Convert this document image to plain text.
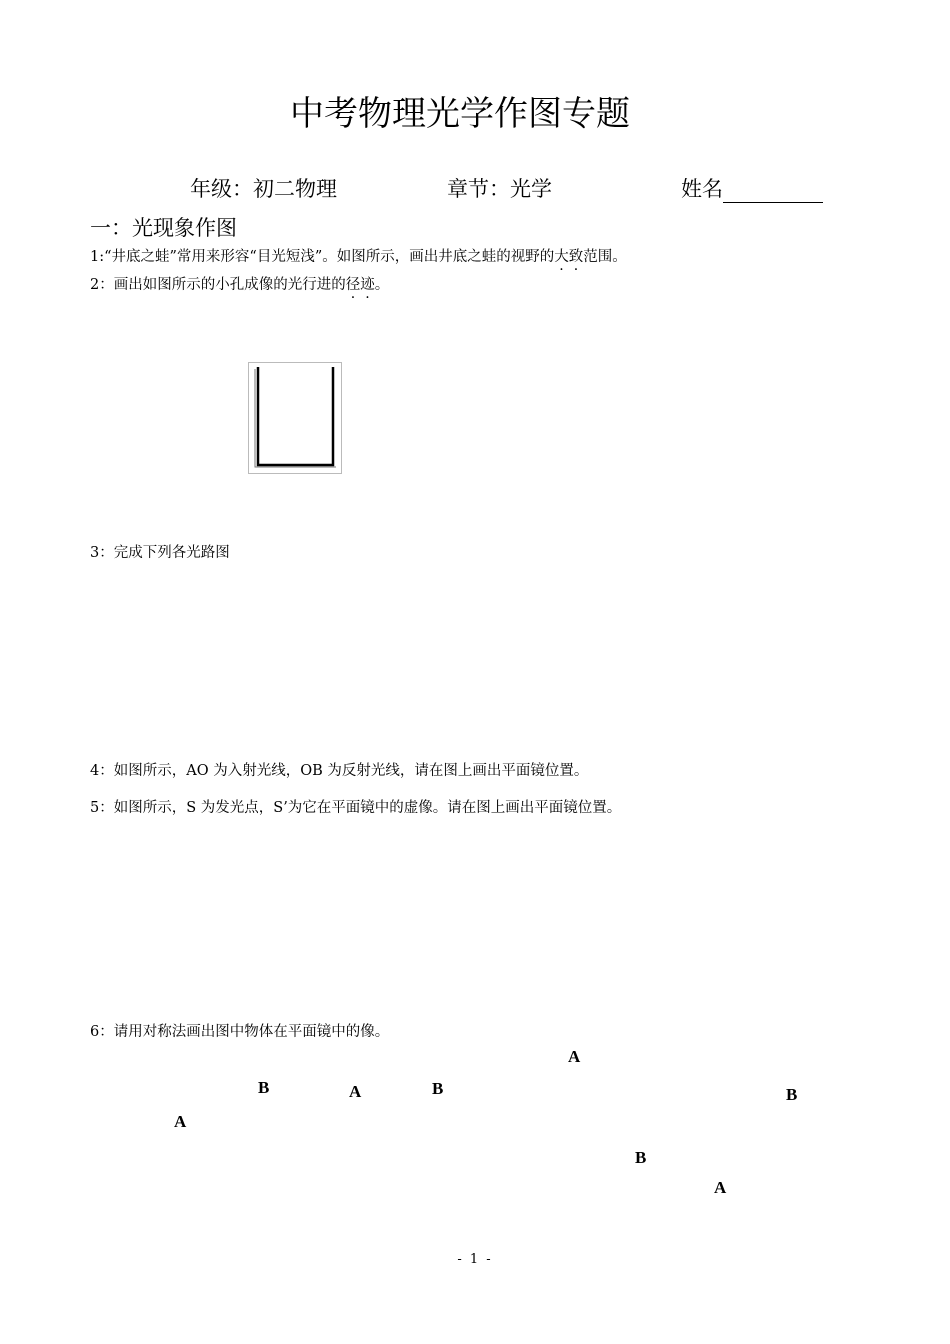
中考物理光学作图专题
年级：初二物理	章节：光学	姓名
一：光现象作图
1:“井底之蛙”常用来形容“目光短浅”。如图所示，画出井底之蛙的视野的大致范围。
2：画出如图所示的小孔成像的光行进的径迹。
3：完成下列各光路图
4：如图所示，AO 为入射光线，OB 为反射光线，请在图上画出平面镜位置。
5：如图所示，S 为发光点，S’为它在平面镜中的虚像。请在图上画出平面镜位置。
6：请用对称法画出图中物体在平面镜中的像。
A
B	A	B	B
A
B
A
- 1 -
